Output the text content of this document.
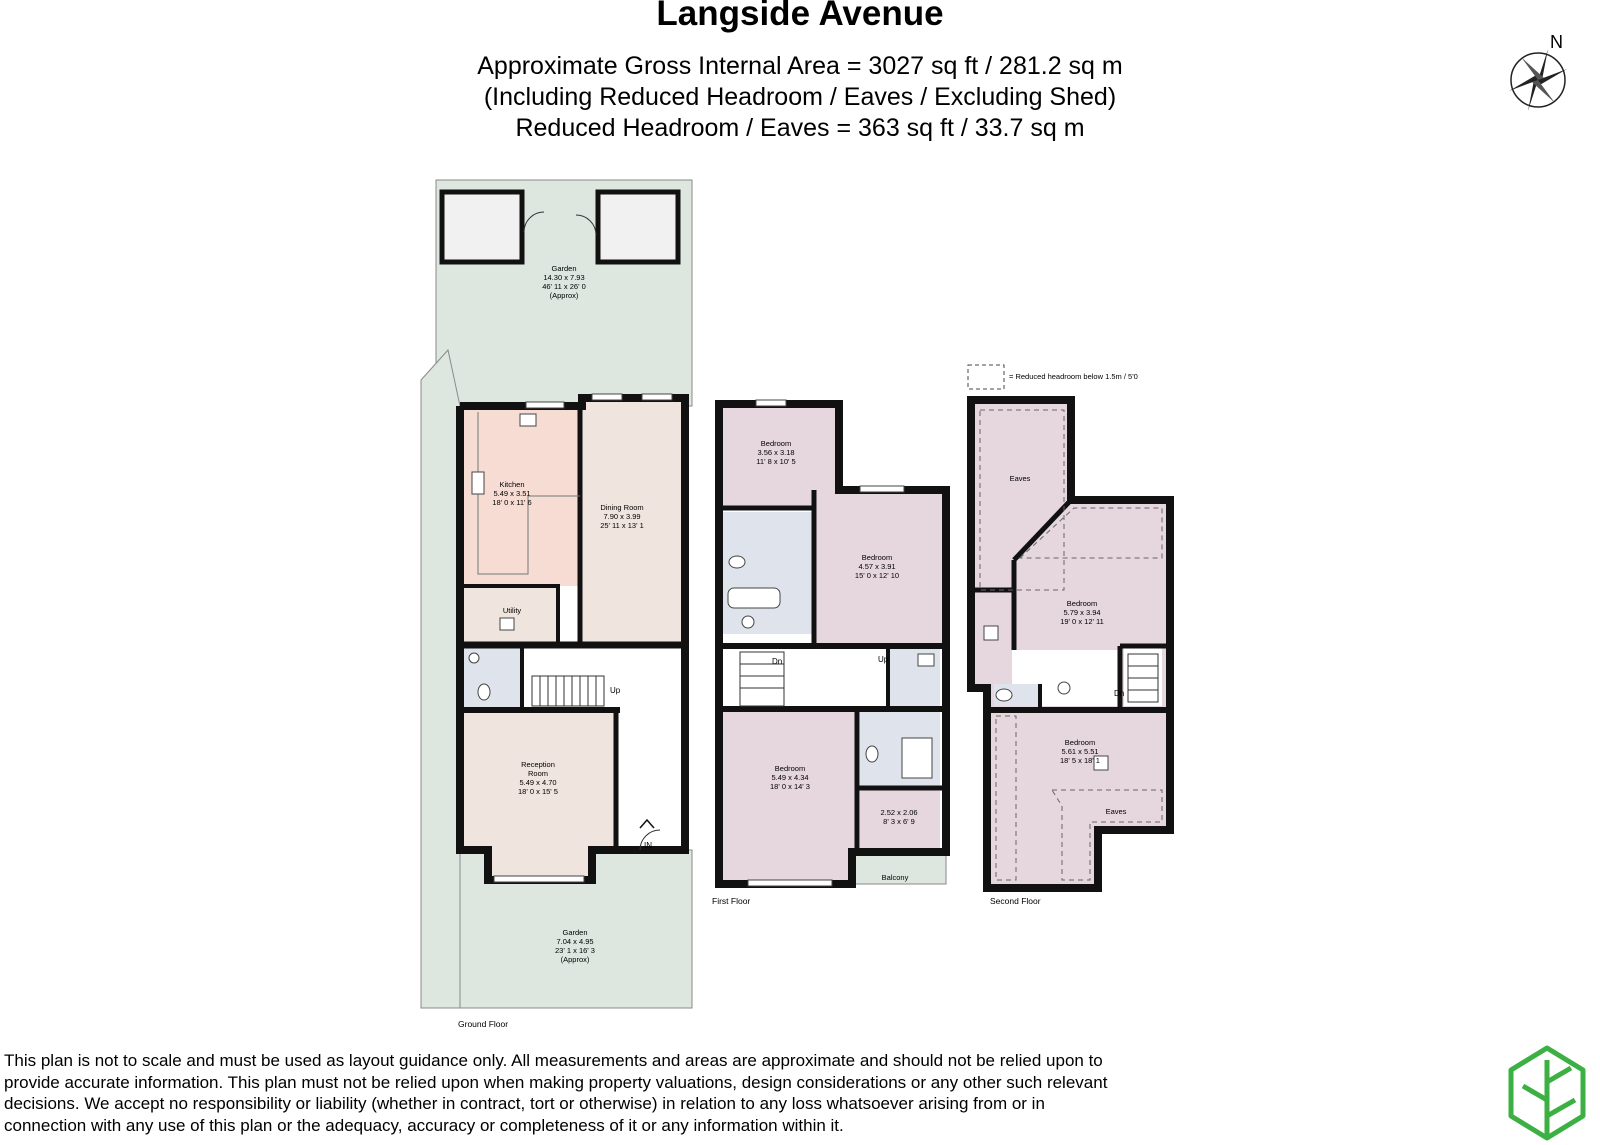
Langside Avenue
Approximate Gross Internal Area = 3027 sq ft / 281.2 sq m
(Including Reduced Headroom / Eaves / Excluding Shed)
Reduced Headroom / Eaves = 363 sq ft / 33.7 sq m
N
Up
Garden
14.30 x 7.93
46' 11 x 26' 0
(Approx)
Kitchen
5.49 x 3.51
18' 0 x 11' 6
Dining Room
7.90 x 3.99
25' 11 x 13' 1
Utility
Reception
Room
5.49 x 4.70
18' 0 x 15' 5
Garden
7.04 x 4.95
23' 1 x 16' 3
(Approx)
IN
Ground Floor
Dn	Up
Bedroom
3.56 x 3.18
11' 8 x 10' 5
Bedroom
4.57 x 3.91
15' 0 x 12' 10
Bedroom
5.49 x 4.34
18' 0 x 14' 3
2.52 x 2.06
8' 3 x 6' 9
Balcony
First Floor
= Reduced headroom below 1.5m / 5'0
Dn
Eaves
Bedroom
5.79 x 3.94
19' 0 x 12' 11
Bedroom
5.61 x 5.51
18' 5 x 18' 1
Eaves
Second Floor
This plan is not to scale and must be used as layout guidance only. All measurements and areas are approximate and should not be relied upon to
provide accurate information. This plan must not be relied upon when making property valuations, design considerations or any other such relevant
decisions. We accept no responsibility or liability (whether in contract, tort or otherwise) in relation to any loss whatsoever arising from or in
connection with any use of this plan or the adequacy, accuracy or completeness of it or any information within it.
